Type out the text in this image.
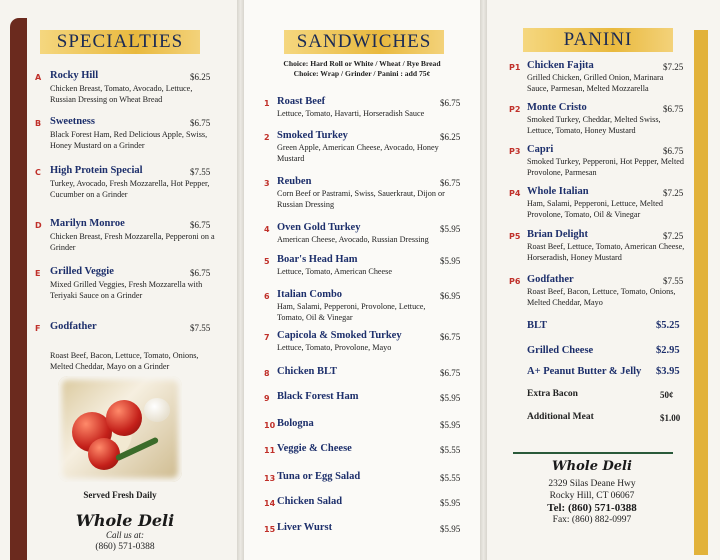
SPECIALTIES
A Rocky Hill	$6.25
Chicken Breast, Tomato, Avocado, Lettuce, Russian Dressing on Wheat Bread
B Sweetness	$6.75
Black Forest Ham, Red Delicious Apple, Swiss, Honey Mustard on a Grinder
C High Protein Special	$7.55
Turkey, Avocado, Fresh Mozzarella, Hot Pepper, Cucumber on a Grinder
D Marilyn Monroe	$6.75
Chicken Breast, Fresh Mozzarella, Pepperoni on a Grinder
E Grilled Veggie	$6.75
Mixed Grilled Veggies, Fresh Mozzarella with Teriyaki Sauce on a Grinder
F Godfather	$7.55
Roast Beef, Bacon, Lettuce, Tomato, Onions, Melted Cheddar, Mayo on a Grinder
Served Fresh Daily
Whole Deli
Call us at:
(860) 571-0388
SANDWICHES
Choice: Hard Roll or White / Wheat / Rye Bread
Choice: Wrap / Grinder / Panini : add 75¢
1 Roast Beef	$6.75
Lettuce, Tomato, Havarti, Horseradish Sauce
2 Smoked Turkey	$6.25
Green Apple, American Cheese, Avocado, Honey Mustard
3 Reuben	$6.75
Corn Beef or Pastrami, Swiss, Sauerkraut, Dijon or Russian Dressing
4 Oven Gold Turkey	$5.95
American Cheese, Avocado, Russian Dressing
5 Boar's Head Ham	$5.95
Lettuce, Tomato, American Cheese
6 Italian Combo	$6.95
Ham, Salami, Pepperoni, Provolone, Lettuce, Tomato, Oil & Vinegar
7 Capicola & Smoked Turkey	$6.75
Lettuce, Tomato, Provolone, Mayo
8 Chicken BLT	$6.75
9 Black Forest Ham	$5.95
10 Bologna	$5.95
11 Veggie & Cheese	$5.55
13 Tuna or Egg Salad	$5.55
14 Chicken Salad	$5.95
15 Liver Wurst	$5.95
PANINI
P1 Chicken Fajita	$7.25
Grilled Chicken, Grilled Onion, Marinara Sauce, Parmesan, Melted Mozzarella
P2 Monte Cristo	$6.75
Smoked Turkey, Cheddar, Melted Swiss, Lettuce, Tomato, Honey Mustard
P3 Capri	$6.75
Smoked Turkey, Pepperoni, Hot Pepper, Melted Provolone, Parmesan
P4 Whole Italian	$7.25
Ham, Salami, Pepperoni, Lettuce, Melted Provolone, Tomato, Oil & Vinegar
P5 Brian Delight	$7.25
Roast Beef, Lettuce, Tomato, American Cheese, Horseradish, Honey Mustard
P6 Godfather	$7.55
Roast Beef, Bacon, Lettuce, Tomato, Onions, Melted Cheddar, Mayo
BLT	$5.25
Grilled Cheese	$2.95
A+ Peanut Butter & Jelly $3.95
Extra Bacon	50¢
Additional Meat	$1.00
Whole Deli
2329 Silas Deane Hwy
Rocky Hill, CT 06067
Tel: (860) 571-0388
Fax: (860) 882-0997
